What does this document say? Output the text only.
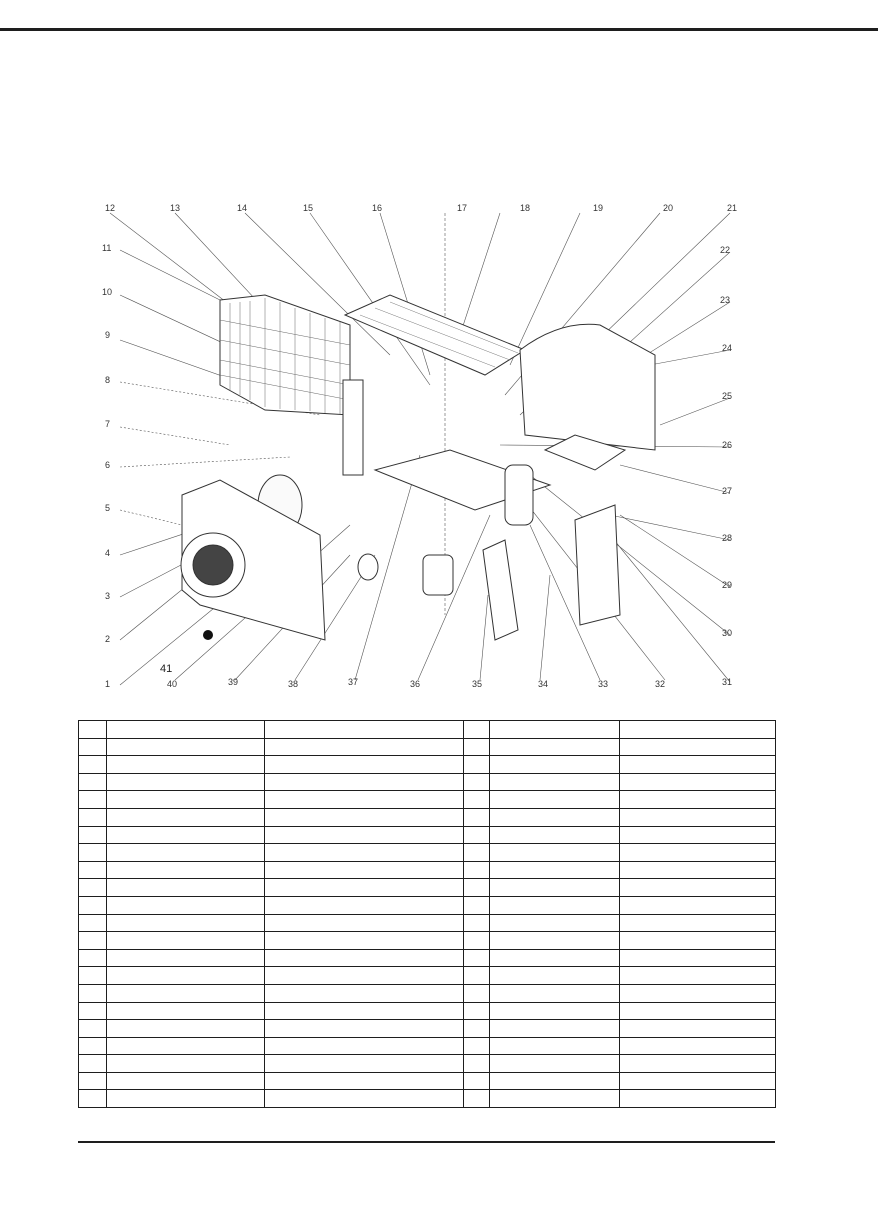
12	13	14	15	16	17	18	19	20	21
11
10
9
8
7
6
5
4
3
2
1
22
23
24
25
26
27
28
29
30
31
41
40	39	38	37	36	35	34	33	32
